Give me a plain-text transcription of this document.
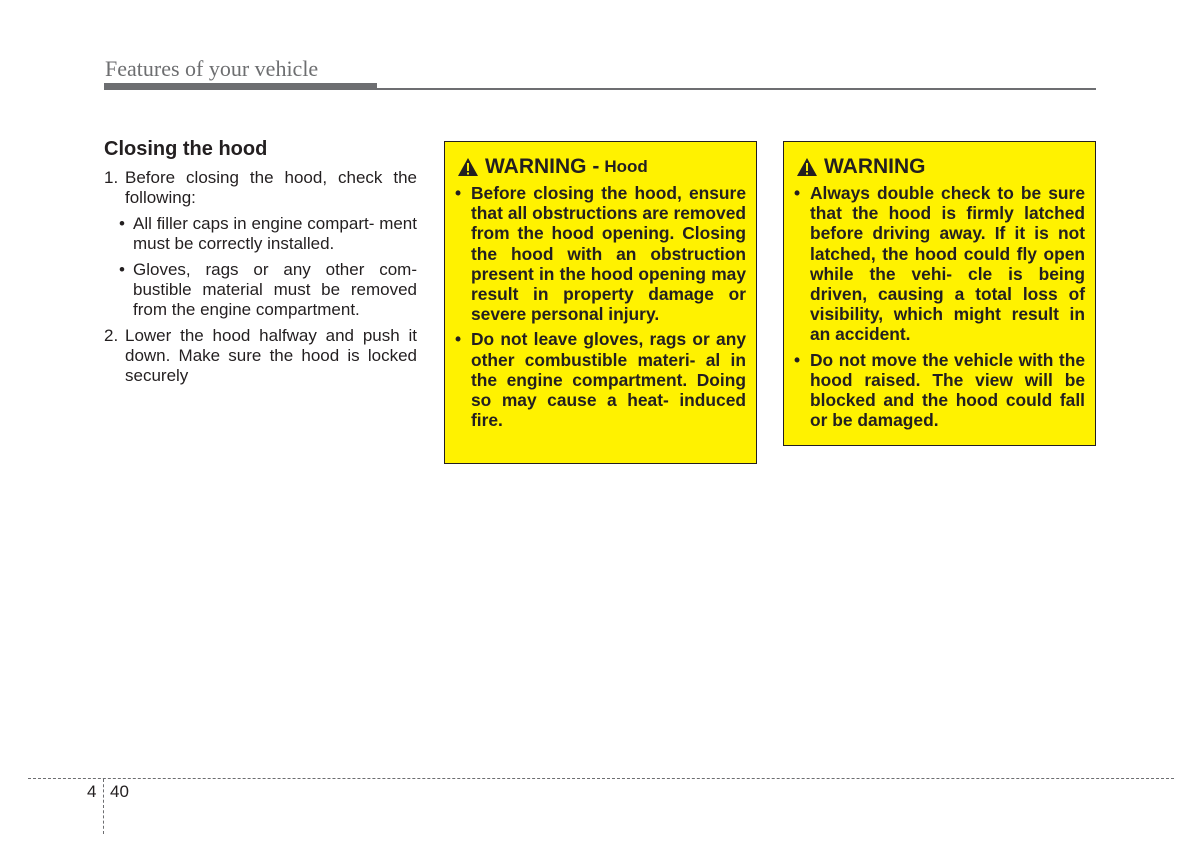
Features of your vehicle
Closing the hood
1. Before closing the hood, check the following:
• All filler caps in engine compart- ment must be correctly installed.
• Gloves, rags or any other com- bustible material must be removed from the engine compartment.
2. Lower the hood halfway and push it down. Make sure the hood is locked securely
WARNING - Hood
• Before closing the hood, ensure that all obstructions are removed from the hood opening. Closing the hood with an obstruction present in the hood opening may result in property damage or severe personal injury.
• Do not leave gloves, rags or any other combustible materi- al in the engine compartment. Doing so may cause a heat- induced fire.
WARNING
• Always double check to be sure that the hood is firmly latched before driving away. If it is not latched, the hood could fly open while the vehi- cle is being driven, causing a total loss of visibility, which might result in an accident.
• Do not move the vehicle with the hood raised. The view will be blocked and the hood could fall or be damaged.
4 40
